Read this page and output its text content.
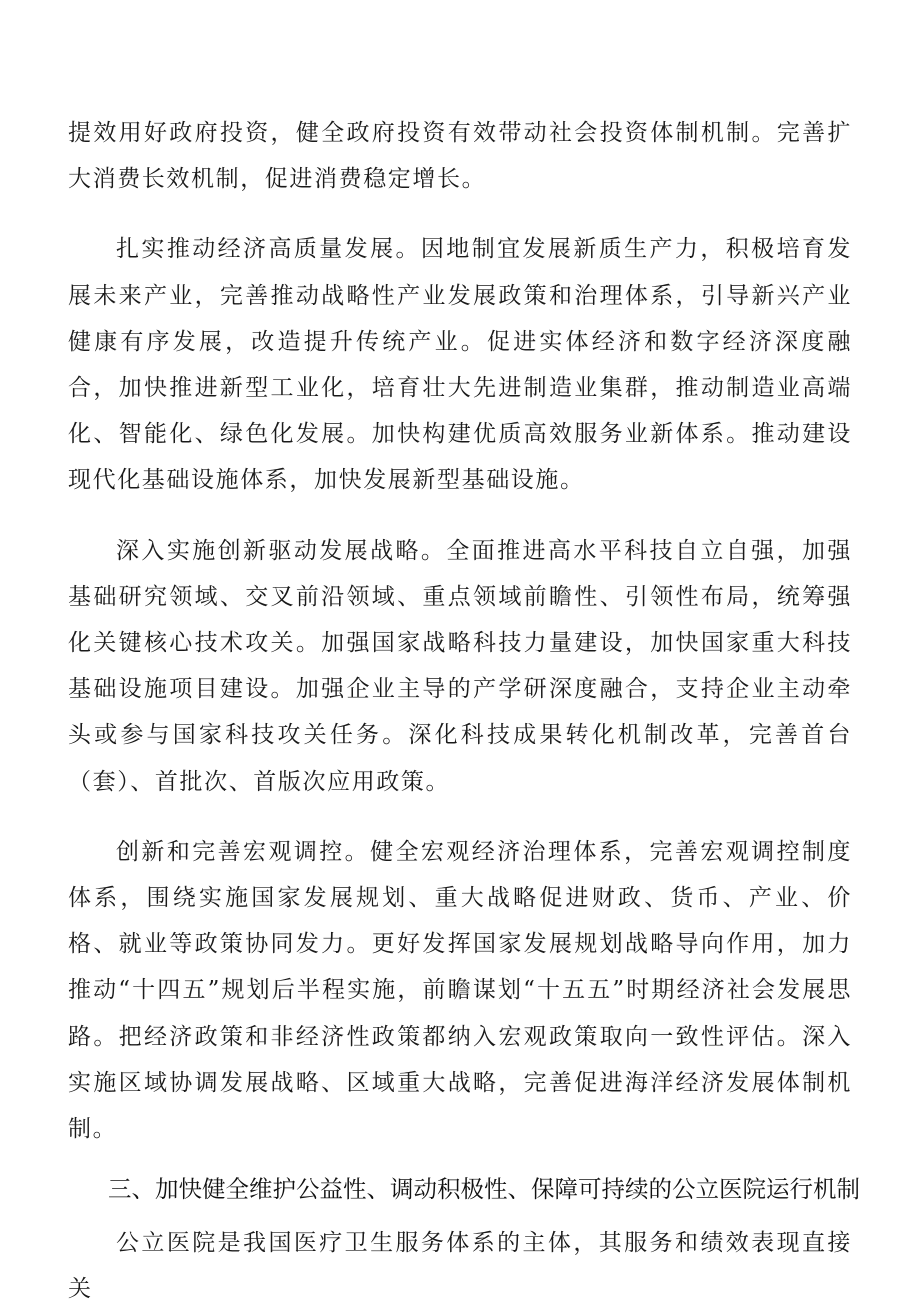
提效用好政府投资，健全政府投资有效带动社会投资体制机制。完善扩大消费长效机制，促进消费稳定增长。

扎实推动经济高质量发展。因地制宜发展新质生产力，积极培育发展未来产业，完善推动战略性产业发展政策和治理体系，引导新兴产业健康有序发展，改造提升传统产业。促进实体经济和数字经济深度融合，加快推进新型工业化，培育壮大先进制造业集群，推动制造业高端化、智能化、绿色化发展。加快构建优质高效服务业新体系。推动建设现代化基础设施体系，加快发展新型基础设施。

深入实施创新驱动发展战略。全面推进高水平科技自立自强，加强基础研究领域、交叉前沿领域、重点领域前瞻性、引领性布局，统筹强化关键核心技术攻关。加强国家战略科技力量建设，加快国家重大科技基础设施项目建设。加强企业主导的产学研深度融合，支持企业主动牵头或参与国家科技攻关任务。深化科技成果转化机制改革，完善首台（套）、首批次、首版次应用政策。

创新和完善宏观调控。健全宏观经济治理体系，完善宏观调控制度体系，围绕实施国家发展规划、重大战略促进财政、货币、产业、价格、就业等政策协同发力。更好发挥国家发展规划战略导向作用，加力推动“十四五”规划后半程实施，前瞻谋划“十五五”时期经济社会发展思路。把经济政策和非经济性政策都纳入宏观政策取向一致性评估。深入实施区域协调发展战略、区域重大战略，完善促进海洋经济发展体制机制。

三、加快健全维护公益性、调动积极性、保障可持续的公立医院运行机制

公立医院是我国医疗卫生服务体系的主体，其服务和绩效表现直接关
